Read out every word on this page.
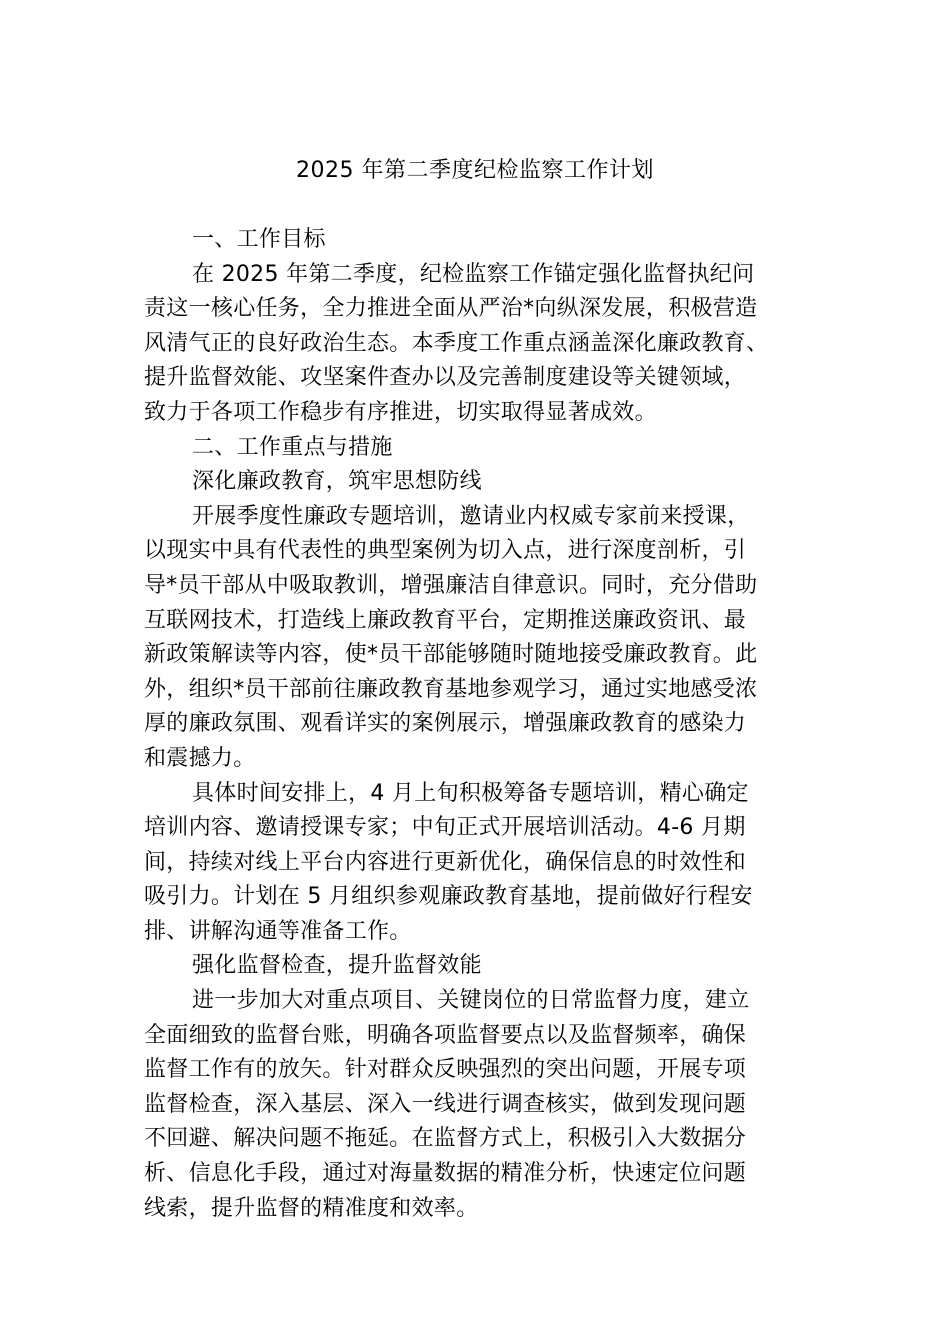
2025 年第二季度纪检监察工作计划
一、工作目标
在 2025 年第二季度，纪检监察工作锚定强化监督执纪问
责这一核心任务，全力推进全面从严治*向纵深发展，积极营造
风清气正的良好政治生态。本季度工作重点涵盖深化廉政教育、
提升监督效能、攻坚案件查办以及完善制度建设等关键领域，
致力于各项工作稳步有序推进，切实取得显著成效。
二、工作重点与措施
深化廉政教育，筑牢思想防线
开展季度性廉政专题培训，邀请业内权威专家前来授课，
以现实中具有代表性的典型案例为切入点，进行深度剖析，引
导*员干部从中吸取教训，增强廉洁自律意识。同时，充分借助
互联网技术，打造线上廉政教育平台，定期推送廉政资讯、最
新政策解读等内容，使*员干部能够随时随地接受廉政教育。此
外，组织*员干部前往廉政教育基地参观学习，通过实地感受浓
厚的廉政氛围、观看详实的案例展示，增强廉政教育的感染力
和震撼力。
具体时间安排上，4 月上旬积极筹备专题培训，精心确定
培训内容、邀请授课专家；中旬正式开展培训活动。4-6 月期
间，持续对线上平台内容进行更新优化，确保信息的时效性和
吸引力。计划在 5 月组织参观廉政教育基地，提前做好行程安
排、讲解沟通等准备工作。
强化监督检查，提升监督效能
进一步加大对重点项目、关键岗位的日常监督力度，建立
全面细致的监督台账，明确各项监督要点以及监督频率，确保
监督工作有的放矢。针对群众反映强烈的突出问题，开展专项
监督检查，深入基层、深入一线进行调查核实，做到发现问题
不回避、解决问题不拖延。在监督方式上，积极引入大数据分
析、信息化手段，通过对海量数据的精准分析，快速定位问题
线索，提升监督的精准度和效率。
